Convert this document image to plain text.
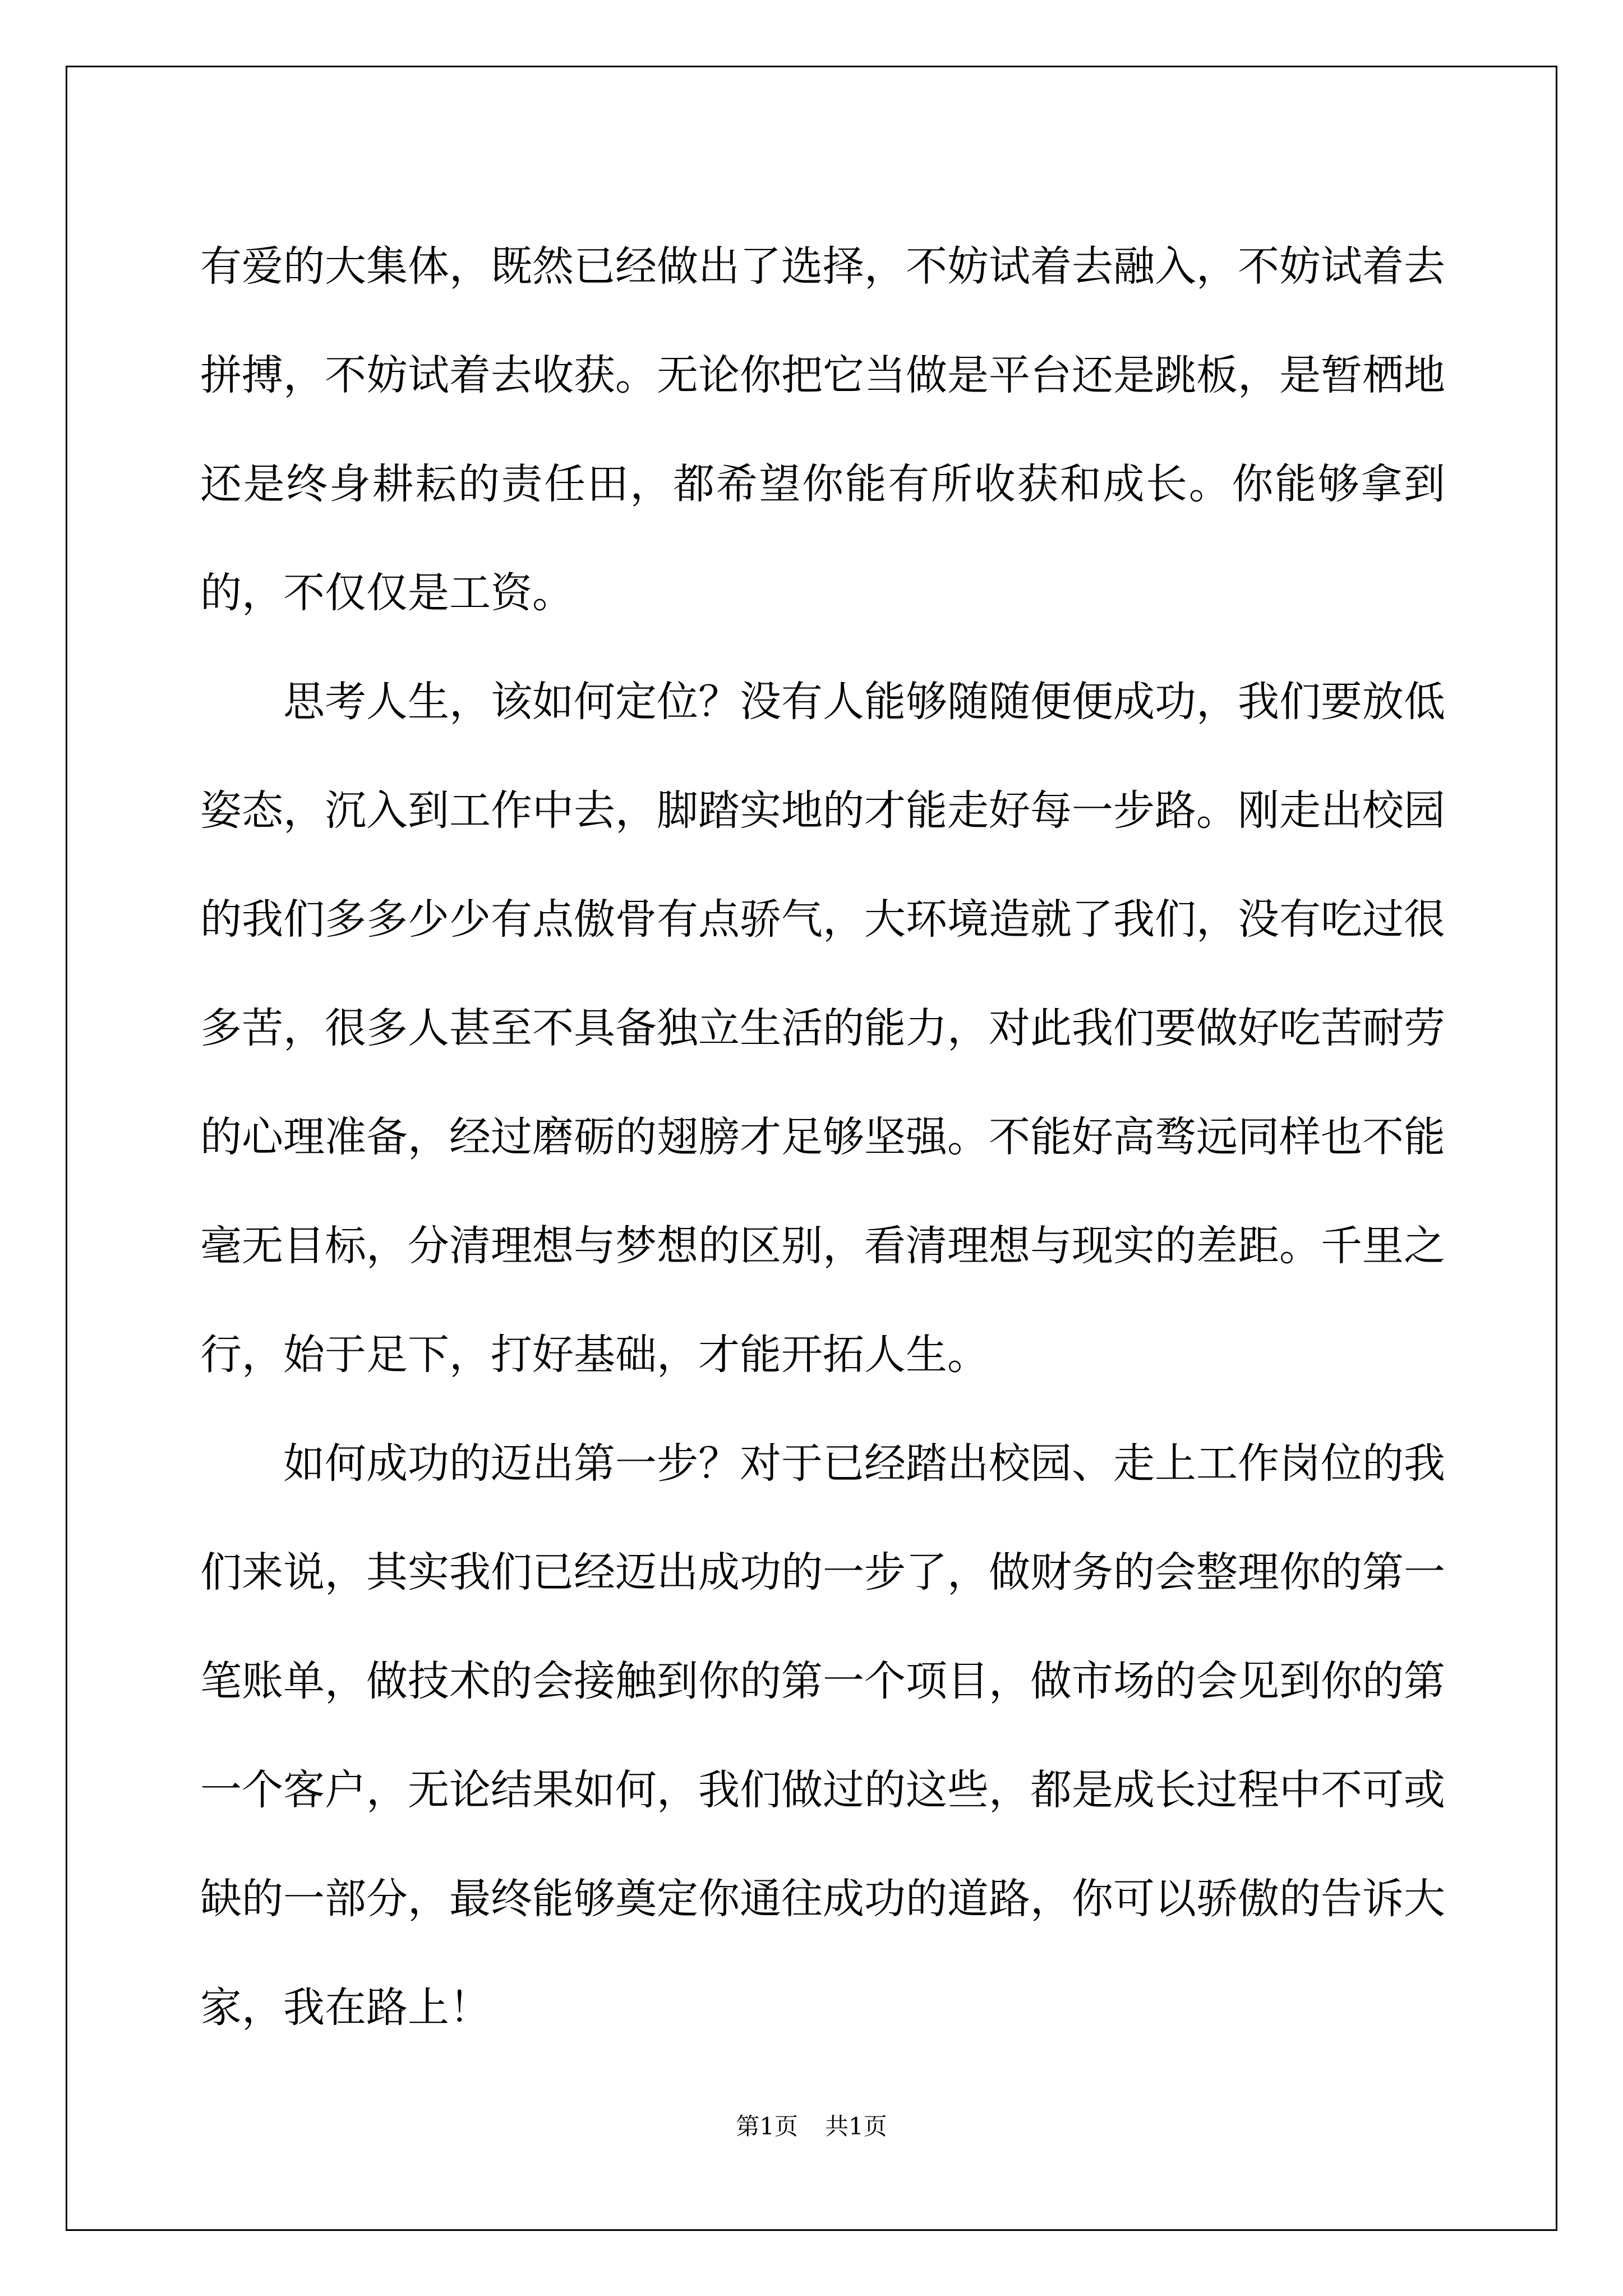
有爱的大集体，既然已经做出了选择，不妨试着去融入，不妨试着去拼搏，不妨试着去收获。无论你把它当做是平台还是跳板，是暂栖地还是终身耕耘的责任田，都希望你能有所收获和成长。你能够拿到的，不仅仅是工资。

思考人生，该如何定位？没有人能够随随便便成功，我们要放低姿态，沉入到工作中去，脚踏实地的才能走好每一步路。刚走出校园的我们多多少少有点傲骨有点骄气，大环境造就了我们，没有吃过很多苦，很多人甚至不具备独立生活的能力，对此我们要做好吃苦耐劳的心理准备，经过磨砺的翅膀才足够坚强。不能好高骛远同样也不能毫无目标，分清理想与梦想的区别，看清理想与现实的差距。千里之行，始于足下，打好基础，才能开拓人生。

如何成功的迈出第一步？对于已经踏出校园、走上工作岗位的我们来说，其实我们已经迈出成功的一步了，做财务的会整理你的第一笔账单，做技术的会接触到你的第一个项目，做市场的会见到你的第一个客户，无论结果如何，我们做过的这些，都是成长过程中不可或缺的一部分，最终能够奠定你通往成功的道路，你可以骄傲的告诉大家，我在路上！

第1页 共1页
